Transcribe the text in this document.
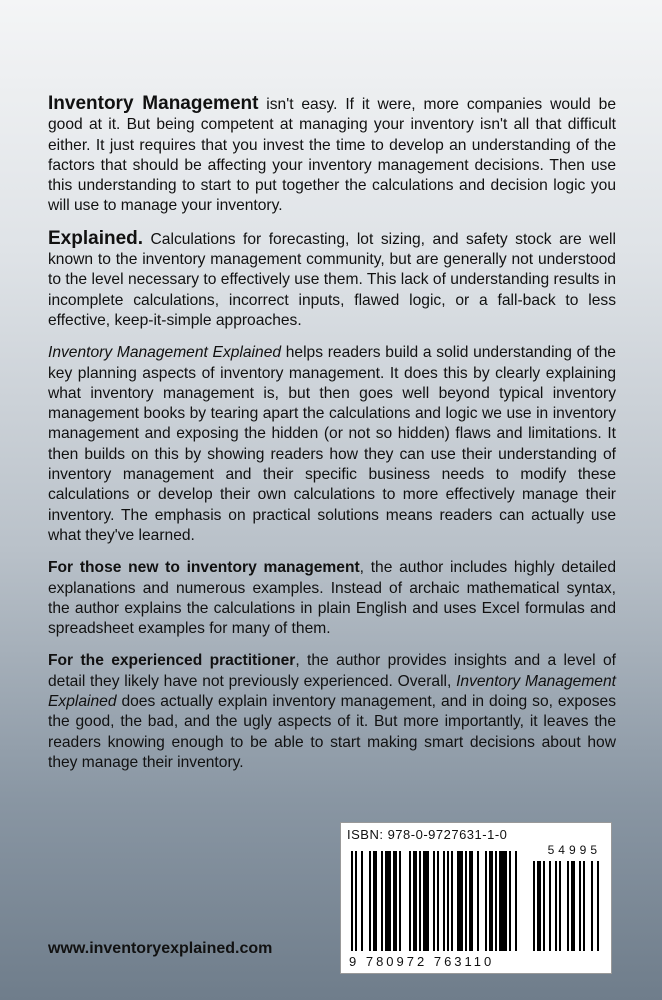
Inventory Management isn't easy. If it were, more companies would be good at it. But being competent at managing your inventory isn't all that difficult either. It just requires that you invest the time to develop an understanding of the factors that should be affecting your inventory management decisions. Then use this understanding to start to put together the calculations and decision logic you will use to manage your inventory.

Explained. Calculations for forecasting, lot sizing, and safety stock are well known to the inventory management community, but are generally not understood to the level necessary to effectively use them. This lack of understanding results in incomplete calculations, incorrect inputs, flawed logic, or a fall-back to less effective, keep-it-simple approaches.

Inventory Management Explained helps readers build a solid understanding of the key planning aspects of inventory management. It does this by clearly explaining what inventory management is, but then goes well beyond typical inventory management books by tearing apart the calculations and logic we use in inventory management and exposing the hidden (or not so hidden) flaws and limitations. It then builds on this by showing readers how they can use their understanding of inventory management and their specific business needs to modify these calculations or develop their own calculations to more effectively manage their inventory. The emphasis on practical solutions means readers can actually use what they've learned.

For those new to inventory management, the author includes highly detailed explanations and numerous examples. Instead of archaic mathematical syntax, the author explains the calculations in plain English and uses Excel formulas and spreadsheet examples for many of them.

For the experienced practitioner, the author provides insights and a level of detail they likely have not previously experienced. Overall, Inventory Management Explained does actually explain inventory management, and in doing so, exposes the good, the bad, and the ugly aspects of it. But more importantly, it leaves the readers knowing enough to be able to start making smart decisions about how they manage their inventory.

ISBN: 978-0-9727631-1-0
54995
9 780972 763110
www.inventoryexplained.com
